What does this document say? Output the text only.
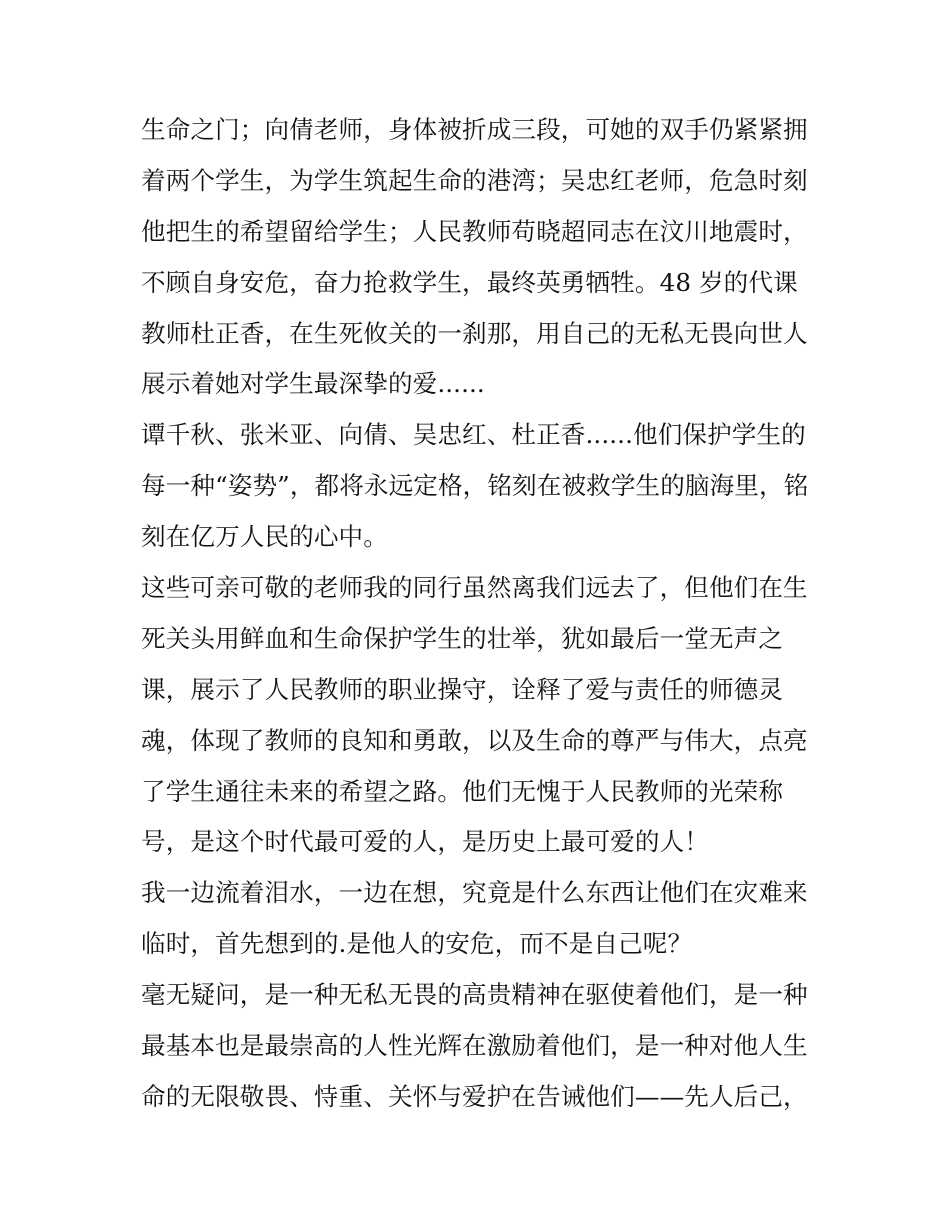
生命之门；向倩老师，身体被折成三段，可她的双手仍紧紧拥
着两个学生，为学生筑起生命的港湾；吴忠红老师，危急时刻
他把生的希望留给学生；人民教师苟晓超同志在汶川地震时，
不顾自身安危，奋力抢救学生，最终英勇牺牲。48 岁的代课
教师杜正香，在生死攸关的一刹那，用自己的无私无畏向世人
展示着她对学生最深挚的爱......
谭千秋、张米亚、向倩、吴忠红、杜正香......他们保护学生的
每一种“姿势”，都将永远定格，铭刻在被救学生的脑海里，铭
刻在亿万人民的心中。
这些可亲可敬的老师我的同行虽然离我们远去了，但他们在生
死关头用鲜血和生命保护学生的壮举，犹如最后一堂无声之
课，展示了人民教师的职业操守，诠释了爱与责任的师德灵
魂，体现了教师的良知和勇敢，以及生命的尊严与伟大，点亮
了学生通往未来的希望之路。他们无愧于人民教师的光荣称
号，是这个时代最可爱的人，是历史上最可爱的人！
我一边流着泪水，一边在想，究竟是什么东西让他们在灾难来
临时，首先想到的.是他人的安危，而不是自己呢？
毫无疑问，是一种无私无畏的高贵精神在驱使着他们，是一种
最基本也是最崇高的人性光辉在激励着他们，是一种对他人生
命的无限敬畏、恃重、关怀与爱护在告诫他们——先人后己，
